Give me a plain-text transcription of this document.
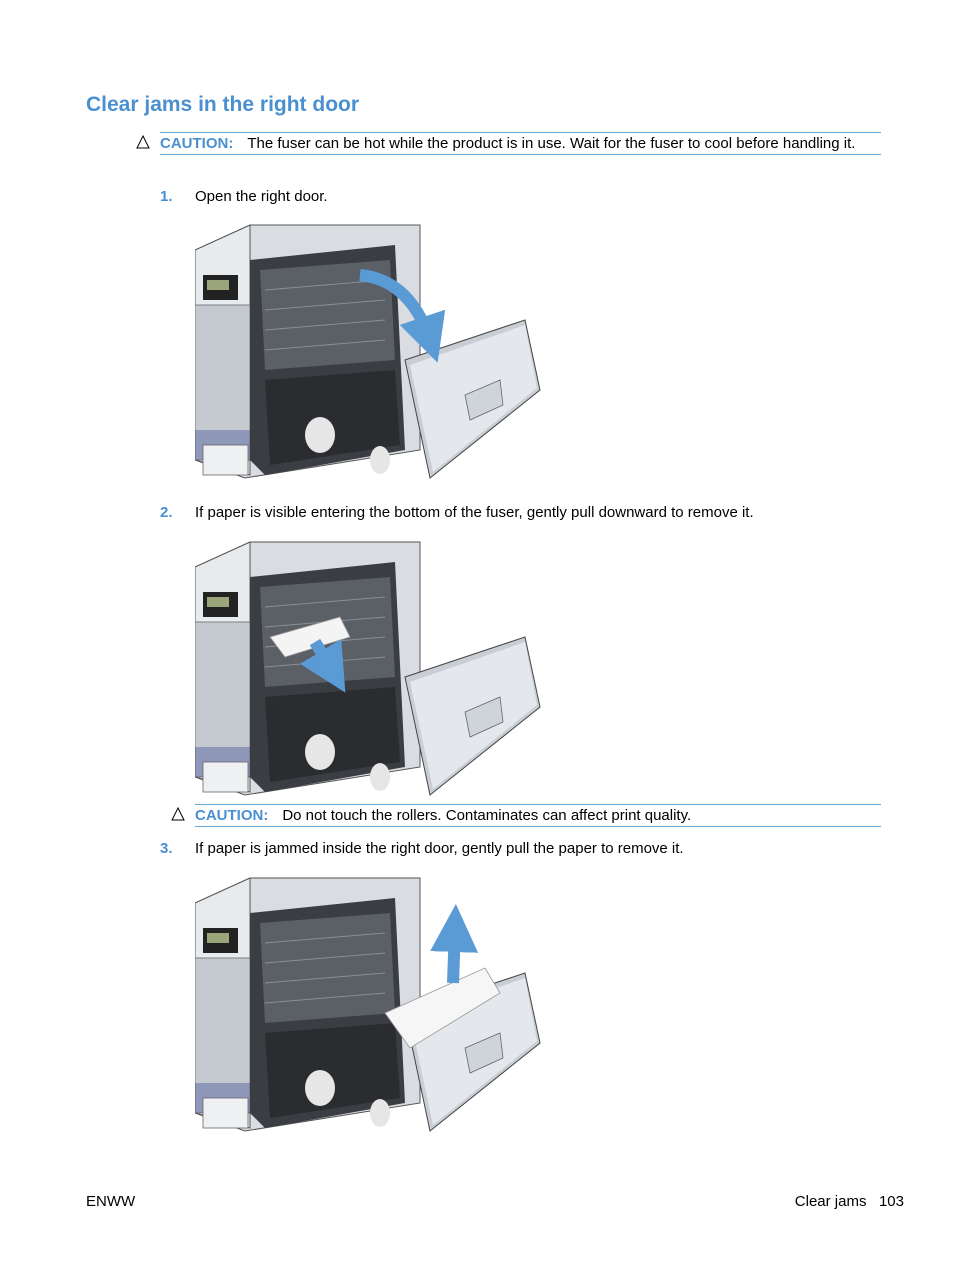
Clear jams in the right door
CAUTION: The fuser can be hot while the product is in use. Wait for the fuser to cool before handling it.
1. Open the right door.
2. If paper is visible entering the bottom of the fuser, gently pull downward to remove it.
CAUTION: Do not touch the rollers. Contaminates can affect print quality.
3. If paper is jammed inside the right door, gently pull the paper to remove it.
ENWW	Clear jams   103
